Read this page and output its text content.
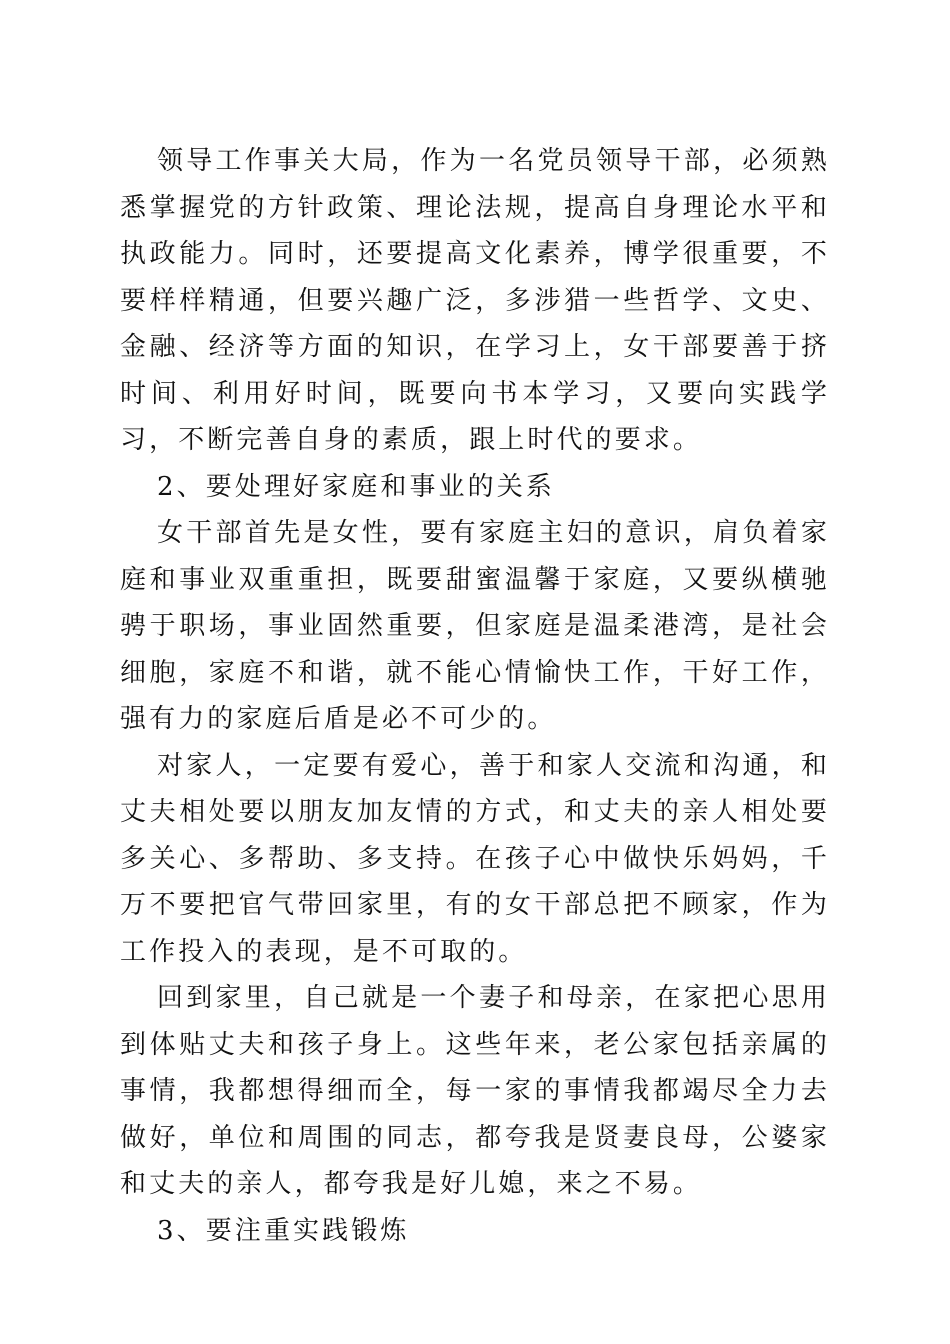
领导工作事关大局，作为一名党员领导干部，必须熟悉掌握党的方针政策、理论法规，提高自身理论水平和执政能力。同时，还要提高文化素养，博学很重要，不要样样精通，但要兴趣广泛，多涉猎一些哲学、文史、金融、经济等方面的知识，在学习上，女干部要善于挤时间、利用好时间，既要向书本学习，又要向实践学习，不断完善自身的素质，跟上时代的要求。

2、要处理好家庭和事业的关系

女干部首先是女性，要有家庭主妇的意识，肩负着家庭和事业双重重担，既要甜蜜温馨于家庭，又要纵横驰骋于职场，事业固然重要，但家庭是温柔港湾，是社会细胞，家庭不和谐，就不能心情愉快工作，干好工作，强有力的家庭后盾是必不可少的。

对家人，一定要有爱心，善于和家人交流和沟通，和丈夫相处要以朋友加友情的方式，和丈夫的亲人相处要多关心、多帮助、多支持。在孩子心中做快乐妈妈，千万不要把官气带回家里，有的女干部总把不顾家，作为工作投入的表现，是不可取的。

回到家里，自己就是一个妻子和母亲，在家把心思用到体贴丈夫和孩子身上。这些年来，老公家包括亲属的事情，我都想得细而全，每一家的事情我都竭尽全力去做好，单位和周围的同志，都夸我是贤妻良母，公婆家和丈夫的亲人，都夸我是好儿媳，来之不易。

3、要注重实践锻炼
